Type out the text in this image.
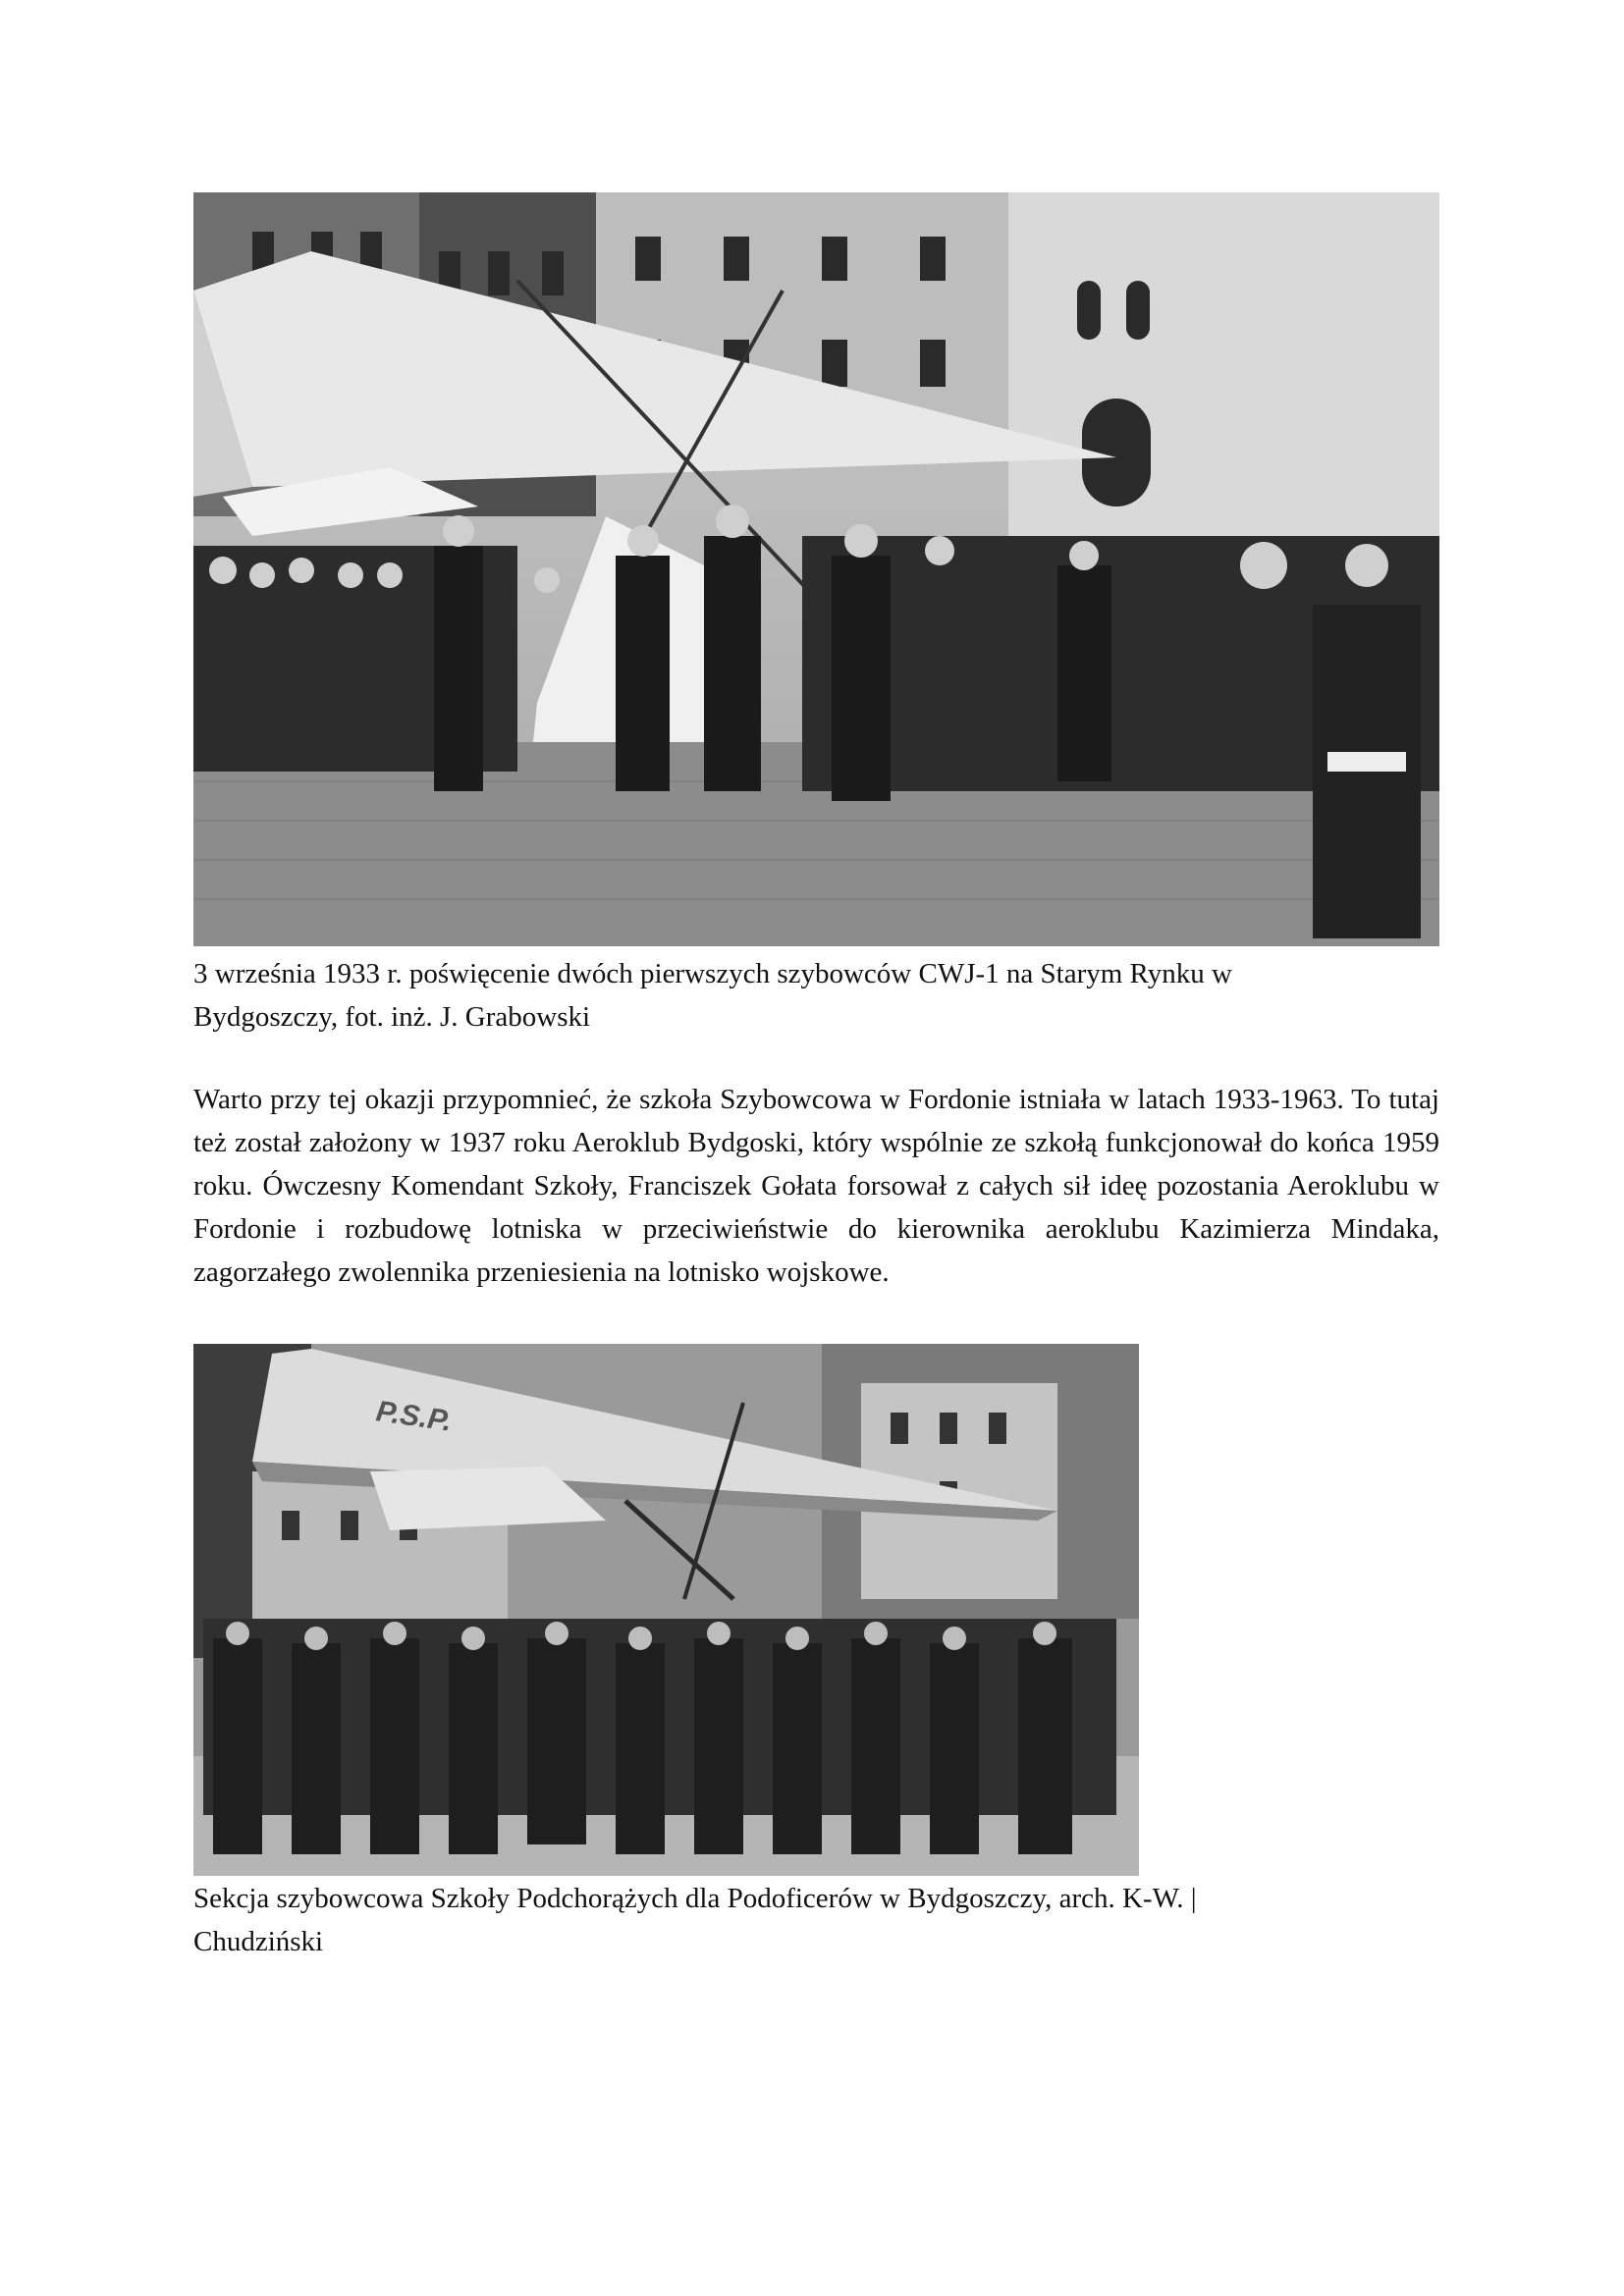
3 września 1933 r. poświęcenie dwóch pierwszych szybowców CWJ-1 na Starym Rynku w
Bydgoszczy, fot. inż. J. Grabowski

Warto przy tej okazji przypomnieć, że szkoła Szybowcowa w Fordonie istniała w latach 1933-1963. To tutaj też został założony w 1937 roku Aeroklub Bydgoski, który wspólnie ze szkołą funkcjonował do końca 1959 roku. Ówczesny Komendant Szkoły, Franciszek Gołata forsował z całych sił ideę pozostania Aeroklubu w Fordonie i rozbudowę lotniska w przeciwieństwie do kierownika aeroklubu Kazimierza Mindaka, zagorzałego zwolennika przeniesienia na lotnisko wojskowe.

P.S.P.

Sekcja szybowcowa Szkoły Podchorążych dla Podoficerów w Bydgoszczy, arch. K-W. |
Chudziński
